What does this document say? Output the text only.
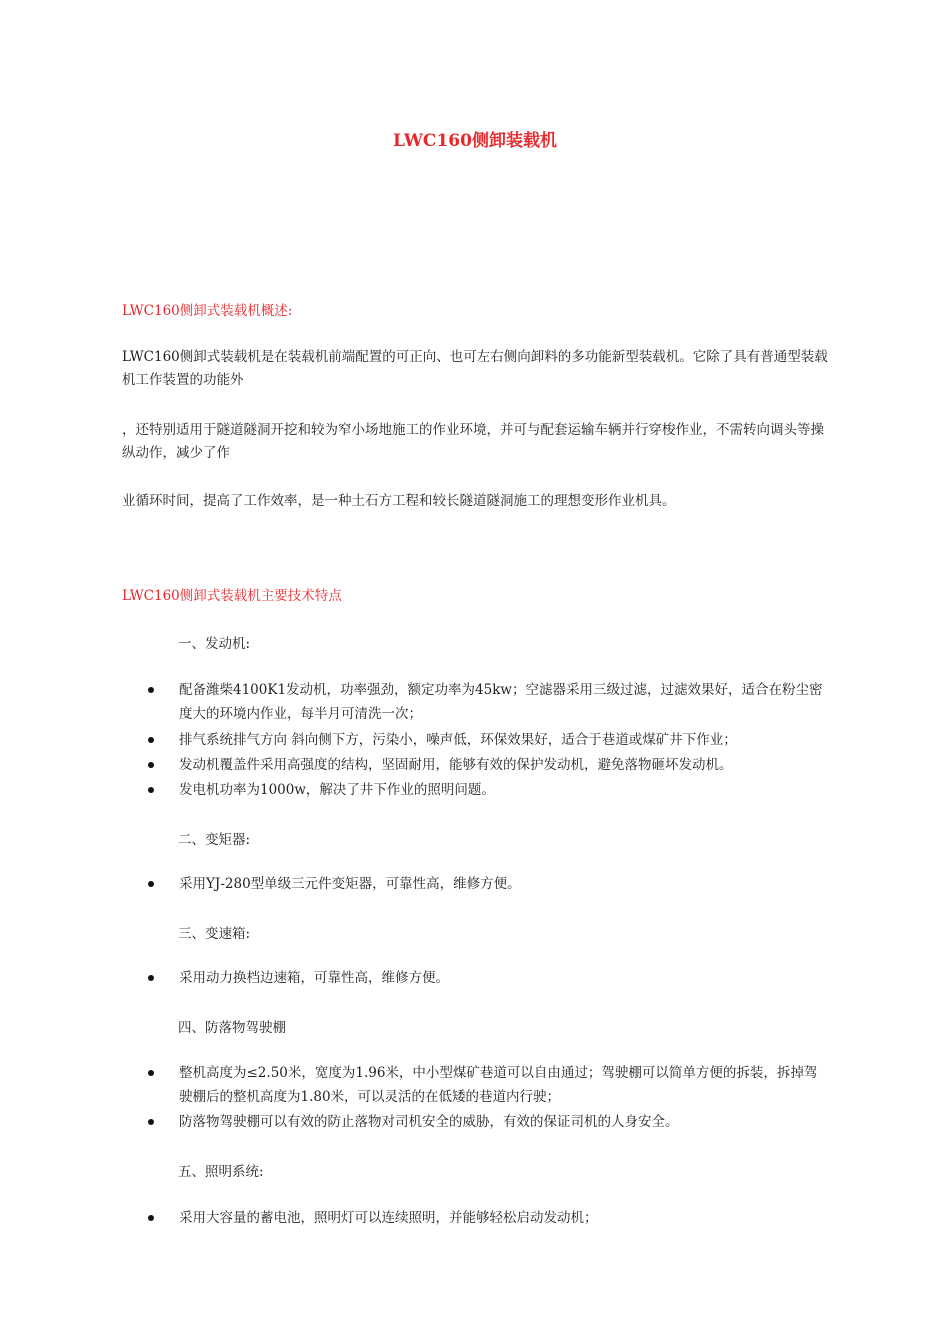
LWC160侧卸装载机
LWC160侧卸式装载机概述:
LWC160侧卸式装载机是在装载机前端配置的可正向、也可左右侧向卸料的多功能新型装载机。它除了具有普通型装载机工作装置的功能外
，还特别适用于隧道隧洞开挖和较为窄小场地施工的作业环境，并可与配套运输车辆并行穿梭作业，不需转向调头等操纵动作，减少了作
业循环时间，提高了工作效率，是一种土石方工程和较长隧道隧洞施工的理想变形作业机具。
LWC160侧卸式装载机主要技术特点
一、发动机:
配备潍柴4100K1发动机，功率强劲，额定功率为45kw；空滤器采用三级过滤，过滤效果好，适合在粉尘密度大的环境内作业，每半月可清洗一次；
排气系统排气方向 斜向侧下方，污染小，噪声低，环保效果好，适合于巷道或煤矿井下作业；
发动机覆盖件采用高强度的结构，坚固耐用，能够有效的保护发动机，避免落物砸坏发动机。
发电机功率为1000w，解决了井下作业的照明问题。
二、变矩器:
采用YJ-280型单级三元件变矩器，可靠性高，维修方便。
三、变速箱:
采用动力换档边速箱，可靠性高，维修方便。
四、防落物驾驶棚
整机高度为≤2.50米，宽度为1.96米，中小型煤矿巷道可以自由通过；驾驶棚可以简单方便的拆装，拆掉驾驶棚后的整机高度为1.80米，可以灵活的在低矮的巷道内行驶；
防落物驾驶棚可以有效的防止落物对司机安全的威胁，有效的保证司机的人身安全。
五、照明系统:
采用大容量的蓄电池，照明灯可以连续照明，并能够轻松启动发动机；
